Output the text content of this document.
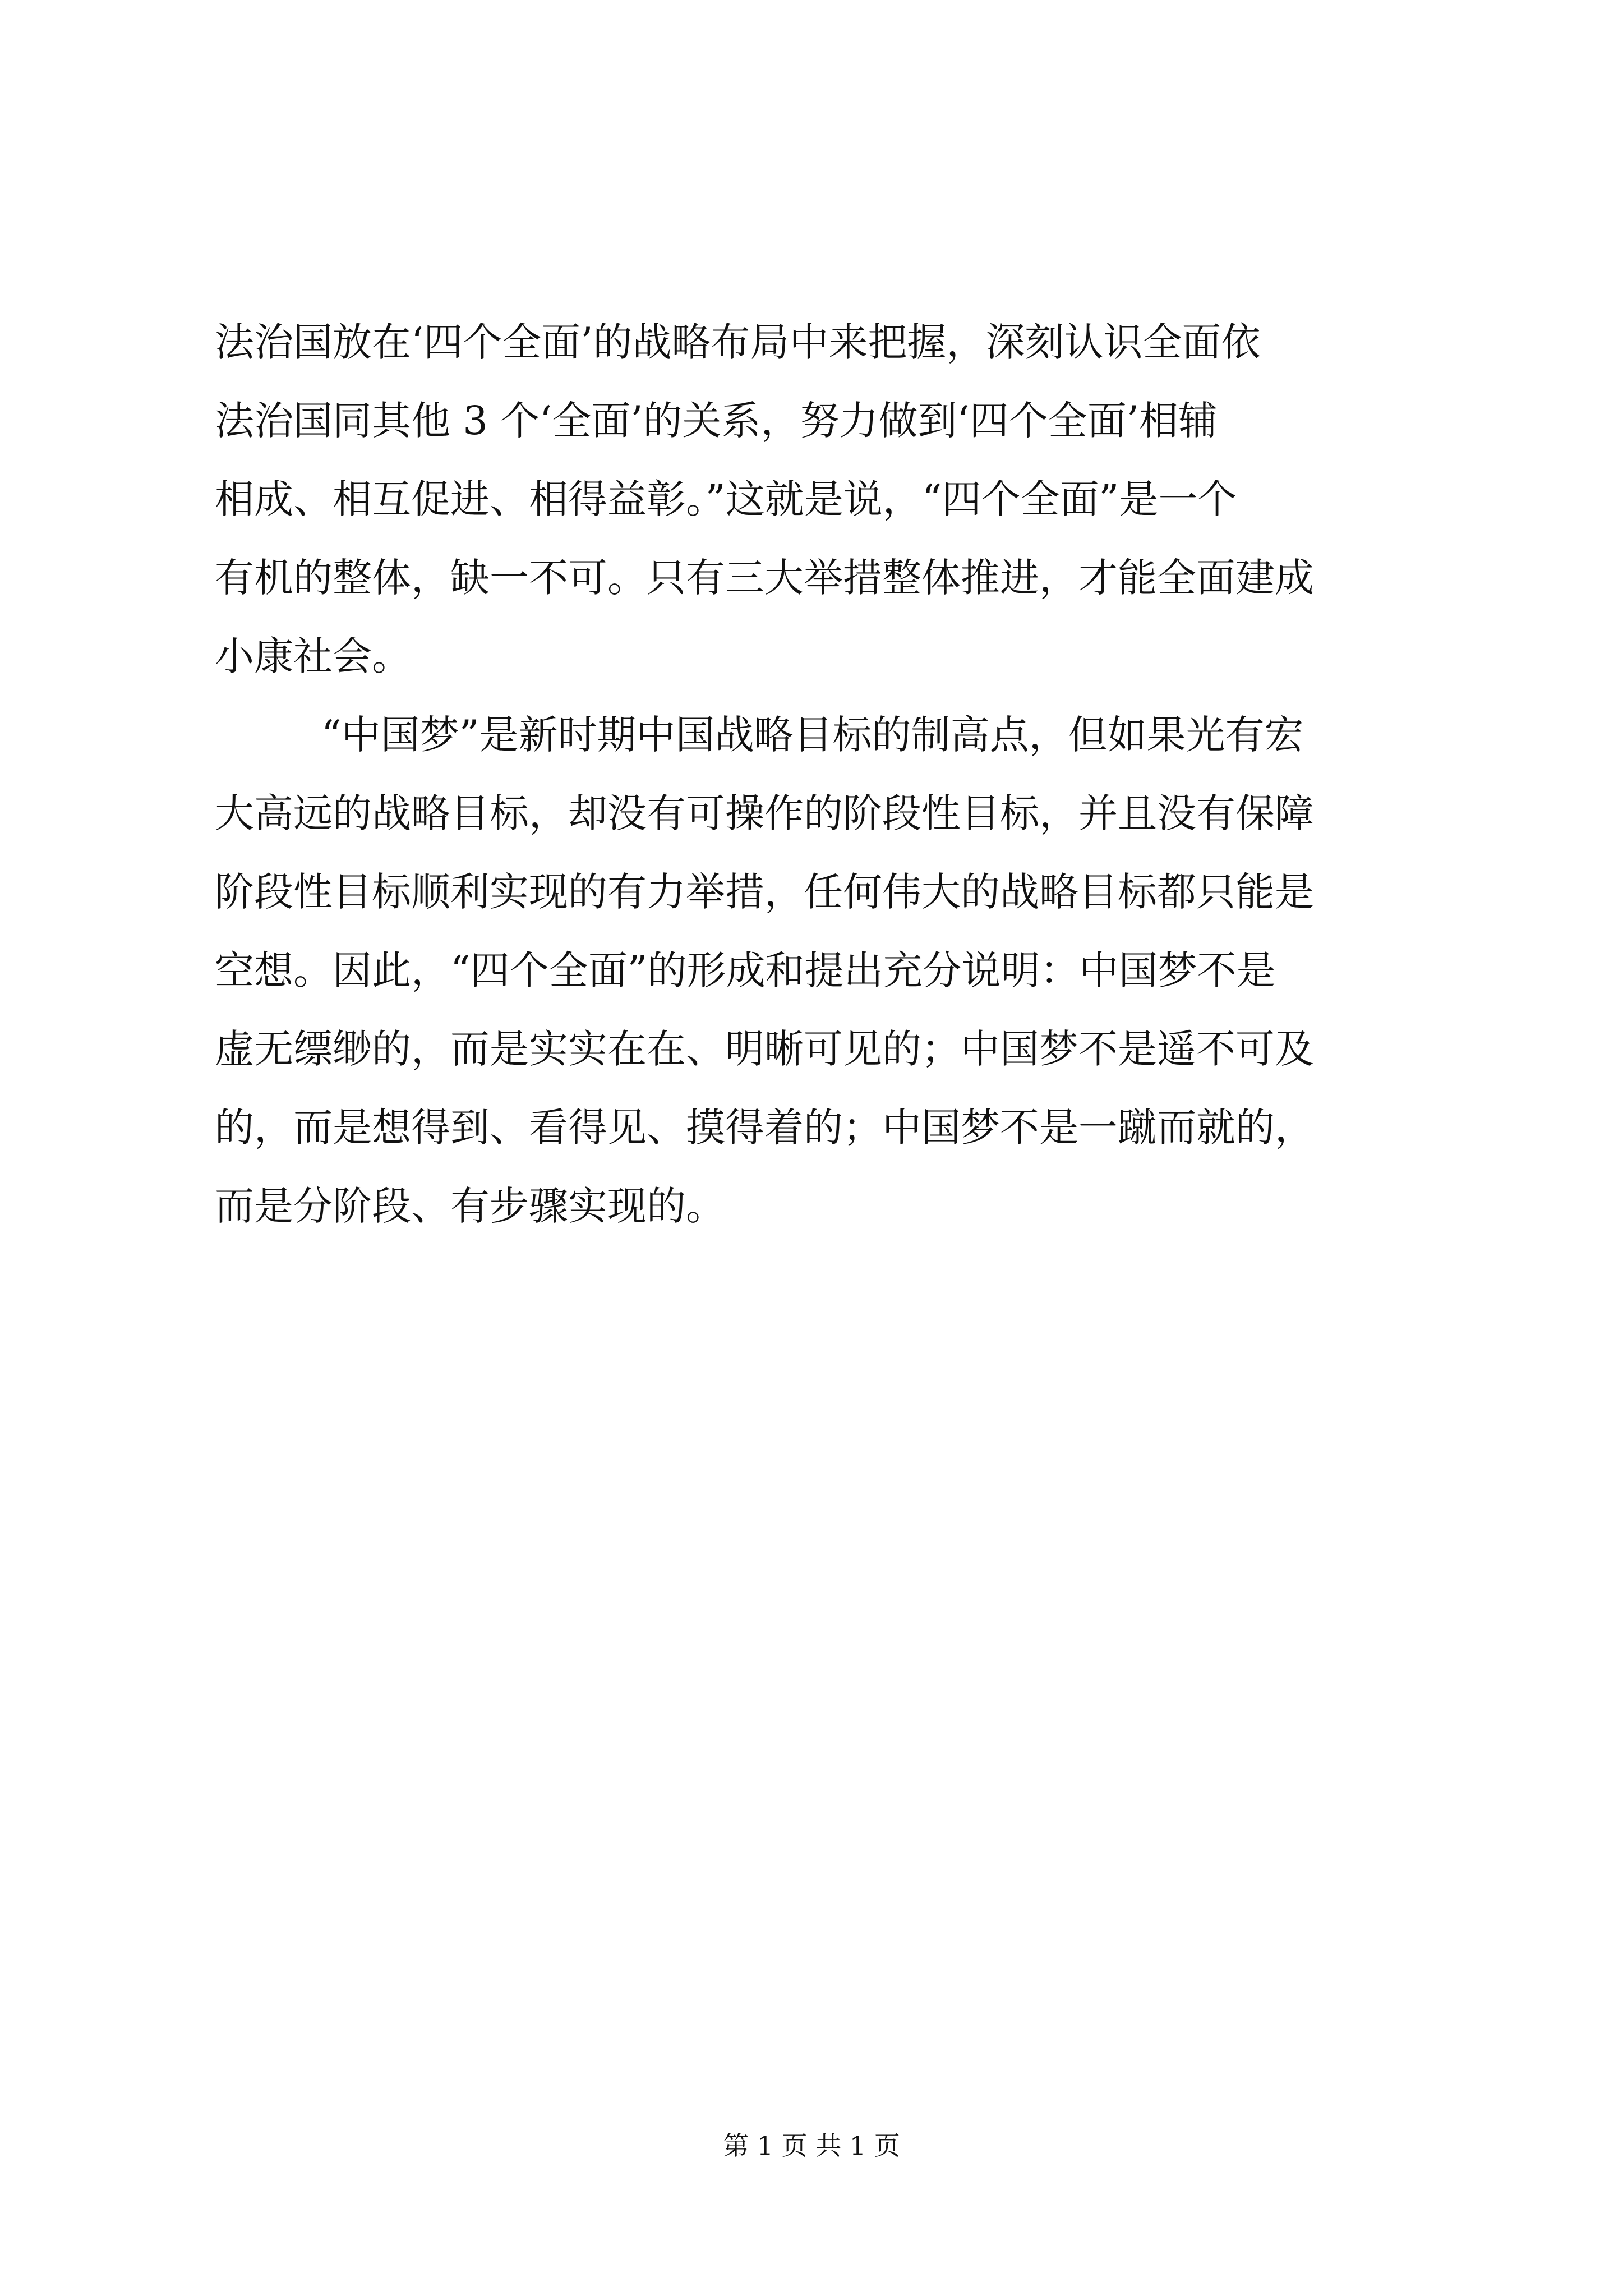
法治国放在‘四个全面’的战略布局中来把握，深刻认识全面依

法治国同其他 3 个‘全面’的关系，努力做到‘四个全面’相辅

相成、相互促进、相得益彰。”这就是说，“四个全面”是一个

有机的整体，缺一不可。只有三大举措整体推进，才能全面建成

小康社会。

“中国梦”是新时期中国战略目标的制高点，但如果光有宏

大高远的战略目标，却没有可操作的阶段性目标，并且没有保障

阶段性目标顺利实现的有力举措，任何伟大的战略目标都只能是

空想。因此，“四个全面”的形成和提出充分说明：中国梦不是

虚无缥缈的，而是实实在在、明晰可见的；中国梦不是遥不可及

的，而是想得到、看得见、摸得着的；中国梦不是一蹴而就的，

而是分阶段、有步骤实现的。

第 1 页 共 1 页
